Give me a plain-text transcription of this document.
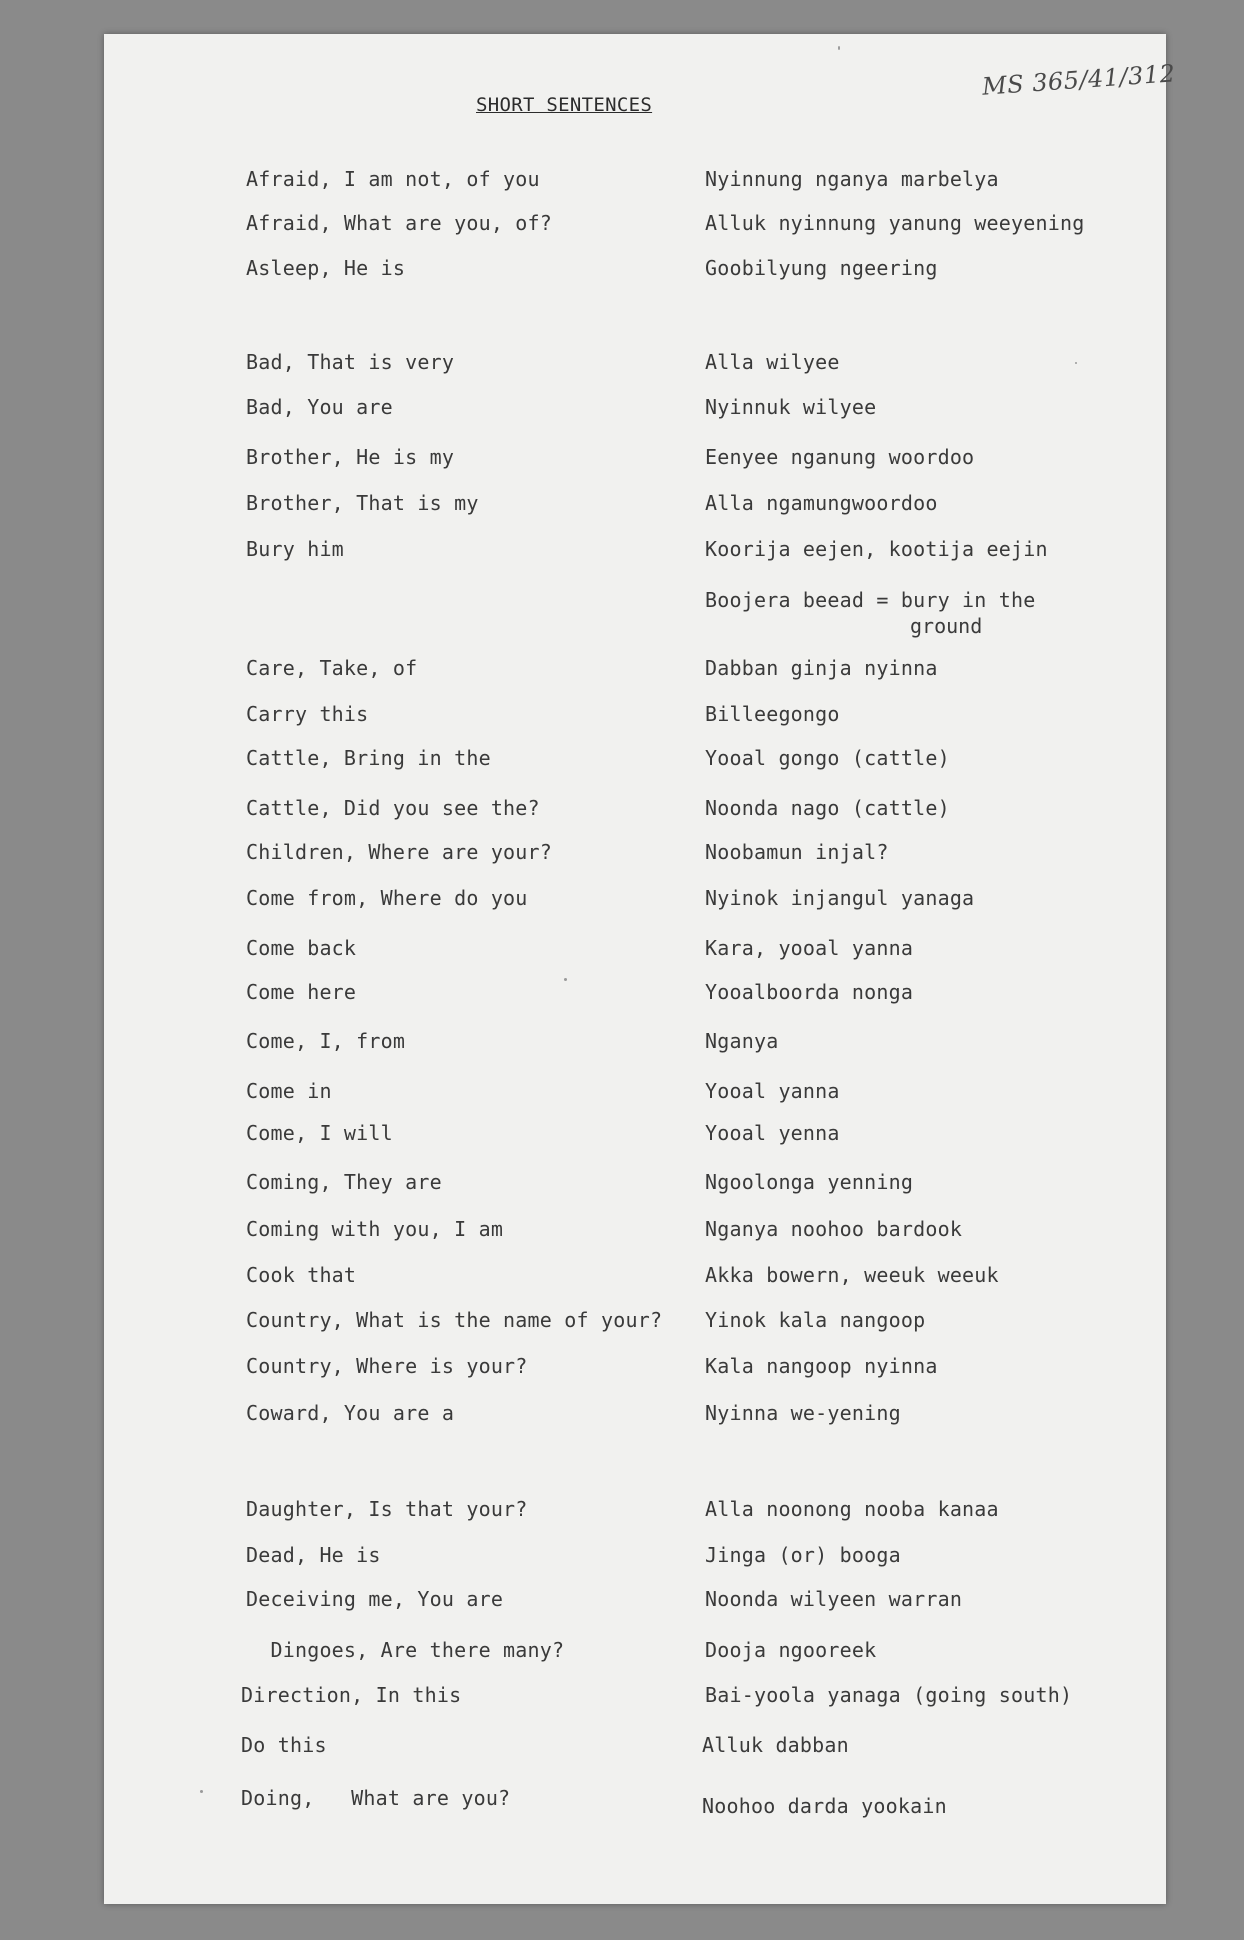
MS 365/41/312
SHORT SENTENCES
Afraid, I am not, of you	Nyinnung nganya marbelya
Afraid, What are you, of?	Alluk nyinnung yanung weeyening
Asleep, He is	Goobilyung ngeering
Bad, That is very	Alla wilyee
Bad, You are	Nyinnuk wilyee
Brother, He is my	Eenyee nganung woordoo
Brother, That is my	Alla ngamungwoordoo
Bury him	Koorija eejen, kootija eejin
Boojera beead = bury in the
ground
Care, Take, of	Dabban ginja nyinna
Carry this	Billeegongo
Cattle, Bring in the	Yooal gongo (cattle)
Cattle, Did you see the?	Noonda nago (cattle)
Children, Where are your?	Noobamun injal?
Come from, Where do you	Nyinok injangul yanaga
Come back	Kara, yooal yanna
Come here	Yooalboorda nonga
Come, I, from	Nganya
Come in	Yooal yanna
Come, I will	Yooal yenna
Coming, They are	Ngoolonga yenning
Coming with you, I am	Nganya noohoo bardook
Cook that	Akka bowern, weeuk weeuk
Country, What is the name of your? Yinok kala nangoop
Country, Where is your?	Kala nangoop nyinna
Coward, You are a	Nyinna we-yening
Daughter, Is that your?	Alla noonong nooba kanaa
Dead, He is	Jinga (or) booga
Deceiving me, You are	Noonda wilyeen warran
Dingoes, Are there many?	Dooja ngooreek
Direction, In this	Bai-yoola yanaga (going south)
Do this	Alluk dabban
Doing,   What are you?	Noohoo darda yookain
